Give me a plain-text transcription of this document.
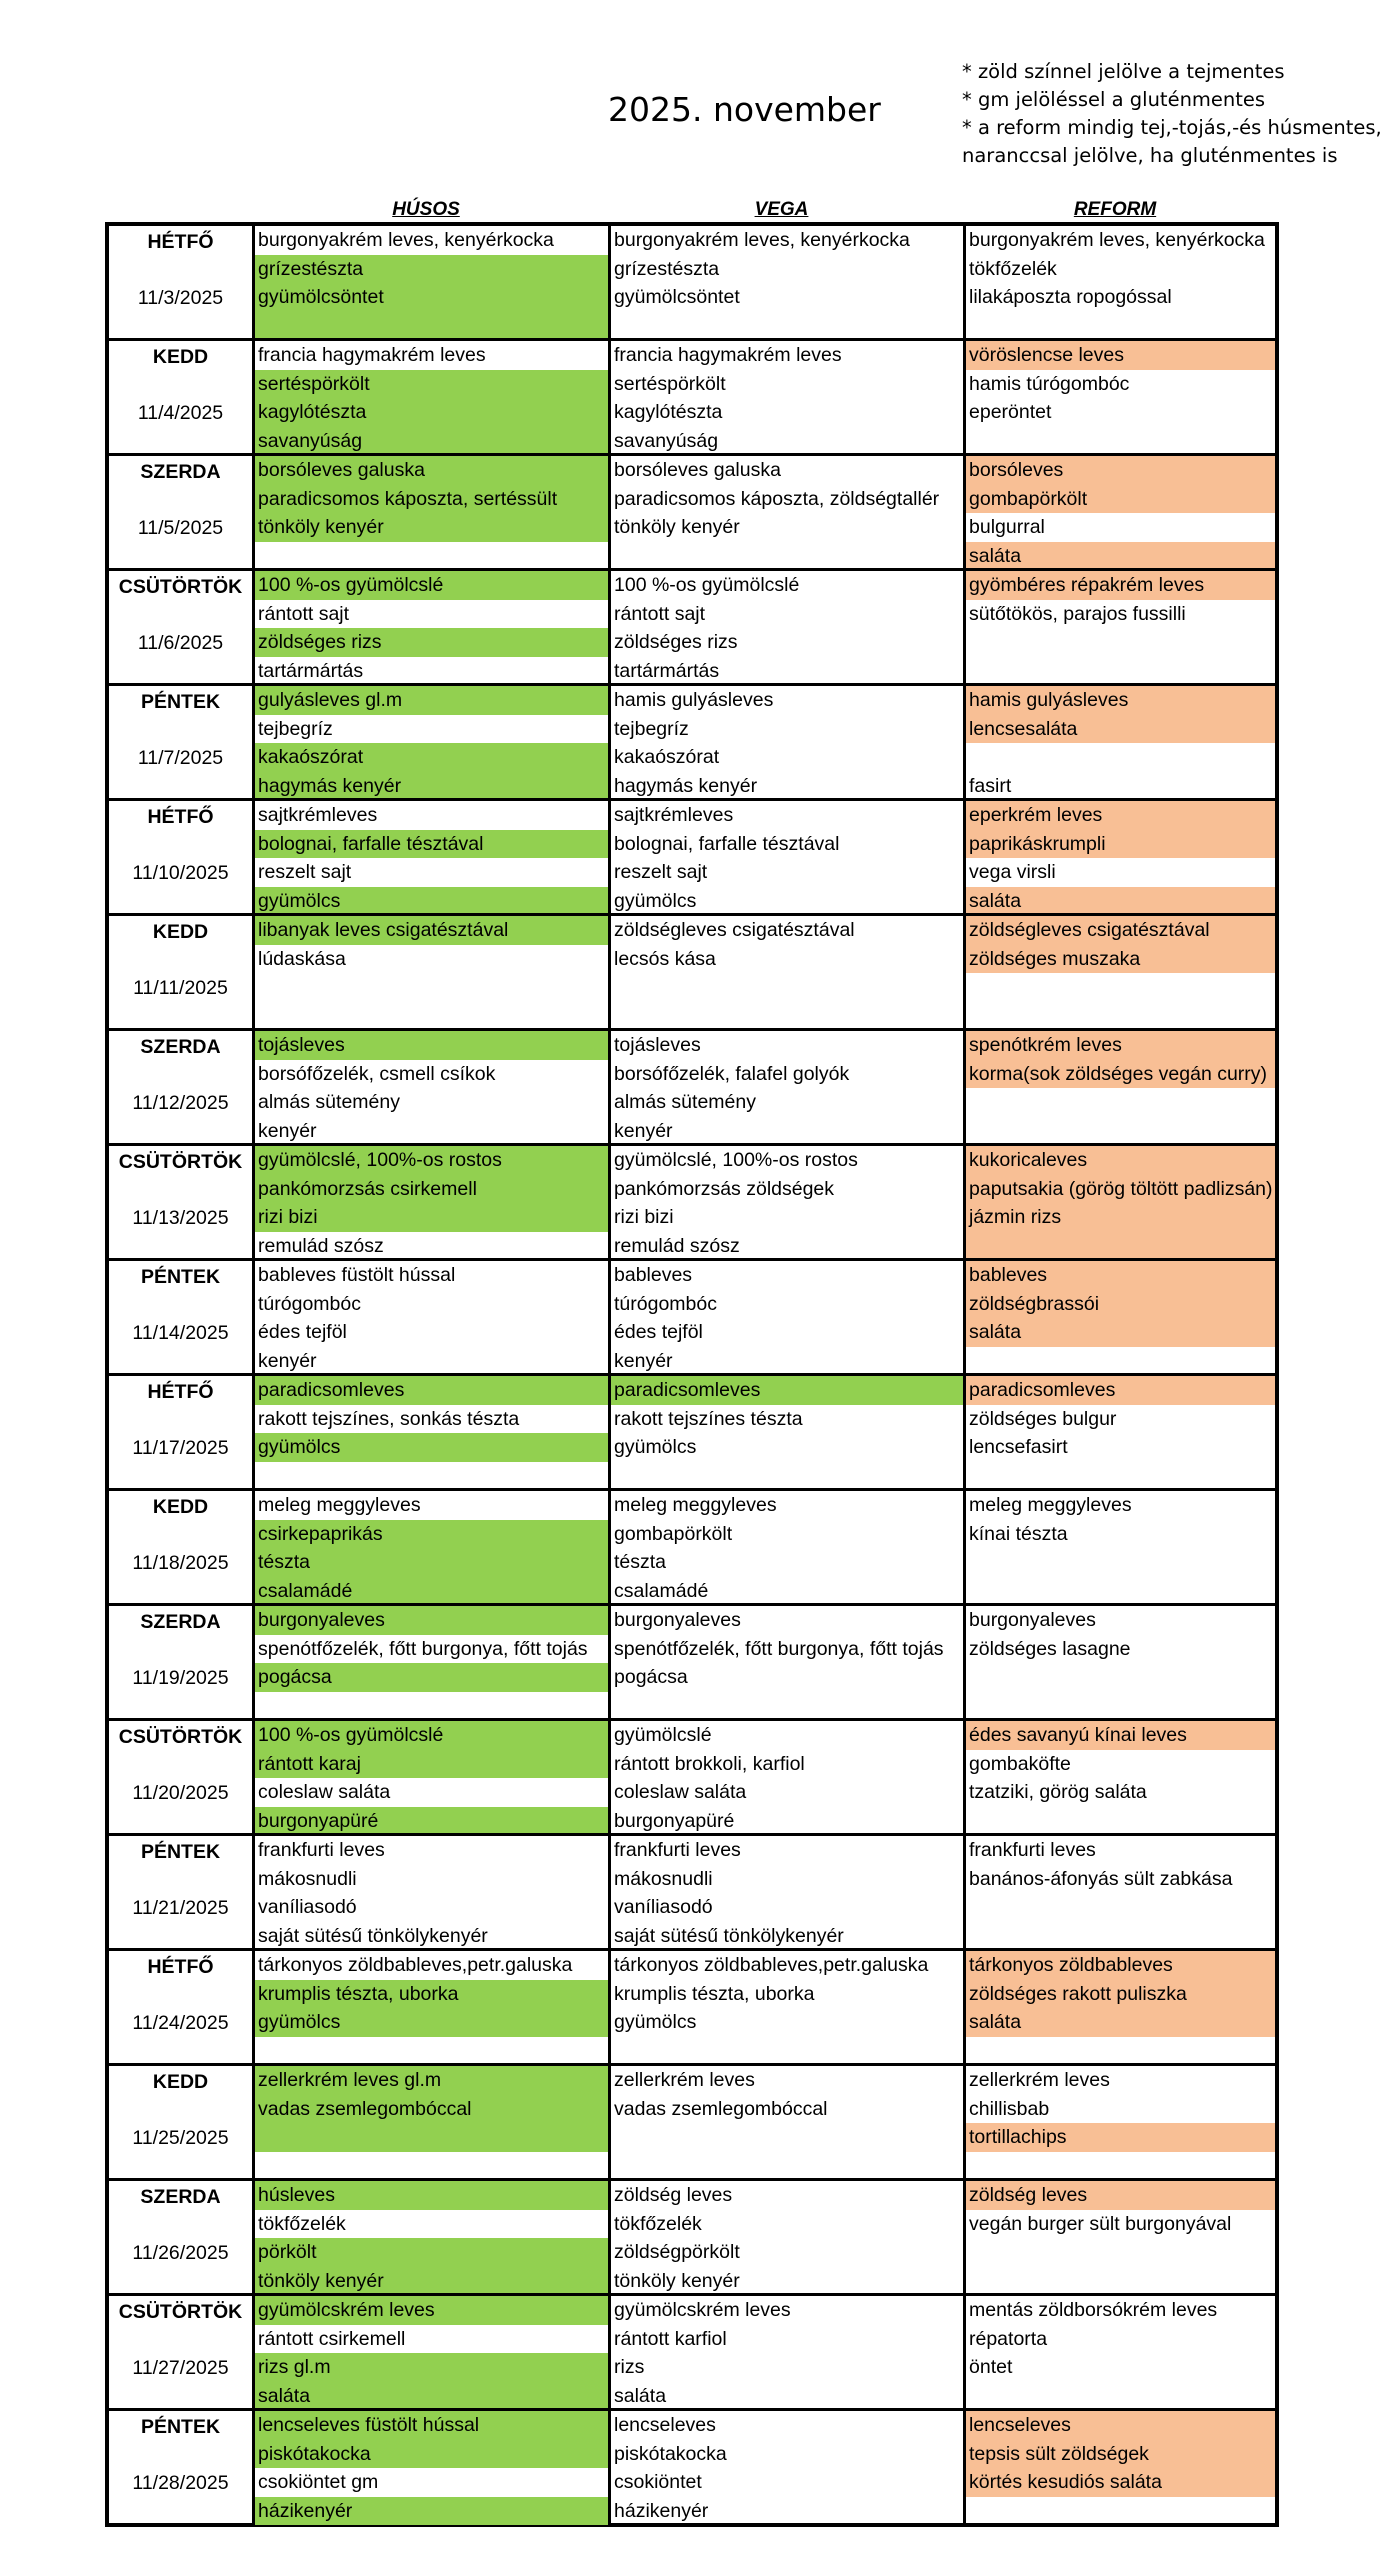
2025. november
* zöld színnel jelölve a tejmentes
* gm jelöléssel a gluténmentes
* a reform mindig tej,-tojás,-és húsmentes,
naranccsal jelölve, ha gluténmentes is
HÚSOS	VEGA	REFORM
HÉTFŐ
11/3/2025
burgonyakrém leves, kenyérkocka
grízestészta
gyümölcsöntet
burgonyakrém leves, kenyérkocka
grízestészta
gyümölcsöntet
burgonyakrém leves, kenyérkocka
tökfőzelék
lilakáposzta ropogóssal
KEDD
11/4/2025
francia hagymakrém leves
sertéspörkölt
kagylótészta
savanyúság
francia hagymakrém leves
sertéspörkölt
kagylótészta
savanyúság
vöröslencse leves
hamis túrógombóc
eperöntet
SZERDA
11/5/2025
borsóleves galuska
paradicsomos káposzta, sertéssült
tönköly kenyér
borsóleves galuska
paradicsomos káposzta, zöldségtallér
tönköly kenyér
borsóleves
gombapörkölt
bulgurral
saláta
CSÜTÖRTÖK
11/6/2025
100 %-os gyümölcslé
rántott sajt
zöldséges rizs
tartármártás
100 %-os gyümölcslé
rántott sajt
zöldséges rizs
tartármártás
gyömbéres répakrém leves
sütőtökös, parajos fussilli
PÉNTEK
11/7/2025
gulyásleves gl.m
tejbegríz
kakaószórat
hagymás kenyér
hamis gulyásleves
tejbegríz
kakaószórat
hagymás kenyér
hamis gulyásleves
lencsesaláta
fasirt
HÉTFŐ
11/10/2025
sajtkrémleves
bolognai, farfalle tésztával
reszelt sajt
gyümölcs
sajtkrémleves
bolognai, farfalle tésztával
reszelt sajt
gyümölcs
eperkrém leves
paprikáskrumpli
vega virsli
saláta
KEDD
11/11/2025
libanyak leves csigatésztával
lúdaskása
zöldségleves csigatésztával
lecsós kása
zöldségleves csigatésztával
zöldséges muszaka
SZERDA
11/12/2025
tojásleves
borsófőzelék, csmell csíkok
almás sütemény
kenyér
tojásleves
borsófőzelék, falafel golyók
almás sütemény
kenyér
spenótkrém leves
korma(sok zöldséges vegán curry)
CSÜTÖRTÖK
11/13/2025
gyümölcslé, 100%-os rostos
pankómorzsás csirkemell
rizi bizi
remulád szósz
gyümölcslé, 100%-os rostos
pankómorzsás zöldségek
rizi bizi
remulád szósz
kukoricaleves
paputsakia (görög töltött padlizsán)
jázmin rizs
PÉNTEK
11/14/2025
bableves füstölt hússal
túrógombóc
édes tejföl
kenyér
bableves
túrógombóc
édes tejföl
kenyér
bableves
zöldségbrassói
saláta
HÉTFŐ
11/17/2025
paradicsomleves
rakott tejszínes, sonkás tészta
gyümölcs
paradicsomleves
rakott tejszínes tészta
gyümölcs
paradicsomleves
zöldséges bulgur
lencsefasirt
KEDD
11/18/2025
meleg meggyleves
csirkepaprikás
tészta
csalamádé
meleg meggyleves
gombapörkölt
tészta
csalamádé
meleg meggyleves
kínai tészta
SZERDA
11/19/2025
burgonyaleves
spenótfőzelék, főtt burgonya, főtt tojás
pogácsa
burgonyaleves
spenótfőzelék, főtt burgonya, főtt tojás
pogácsa
burgonyaleves
zöldséges lasagne
CSÜTÖRTÖK
11/20/2025
100 %-os gyümölcslé
rántott karaj
coleslaw saláta
burgonyapüré
gyümölcslé
rántott brokkoli, karfiol
coleslaw saláta
burgonyapüré
édes savanyú kínai leves
gombaköfte
tzatziki, görög saláta
PÉNTEK
11/21/2025
frankfurti leves
mákosnudli
vaníliasodó
saját sütésű tönkölykenyér
frankfurti leves
mákosnudli
vaníliasodó
saját sütésű tönkölykenyér
frankfurti leves
banános-áfonyás sült zabkása
HÉTFŐ
11/24/2025
tárkonyos zöldbableves,petr.galuska
krumplis tészta, uborka
gyümölcs
tárkonyos zöldbableves,petr.galuska
krumplis tészta, uborka
gyümölcs
tárkonyos zöldbableves
zöldséges rakott puliszka
saláta
KEDD
11/25/2025
zellerkrém leves gl.m
vadas zsemlegombóccal
zellerkrém leves
vadas zsemlegombóccal
zellerkrém leves
chillisbab
tortillachips
SZERDA
11/26/2025
húsleves
tökfőzelék
pörkölt
tönköly kenyér
zöldség leves
tökfőzelék
zöldségpörkölt
tönköly kenyér
zöldség leves
vegán burger sült burgonyával
CSÜTÖRTÖK
11/27/2025
gyümölcskrém leves
rántott csirkemell
rizs gl.m
saláta
gyümölcskrém leves
rántott karfiol
rizs
saláta
mentás zöldborsókrém leves
répatorta
öntet
PÉNTEK
11/28/2025
lencseleves füstölt hússal
piskótakocka
csokiöntet gm
házikenyér
lencseleves
piskótakocka
csokiöntet
házikenyér
lencseleves
tepsis sült zöldségek
körtés kesudiós saláta
